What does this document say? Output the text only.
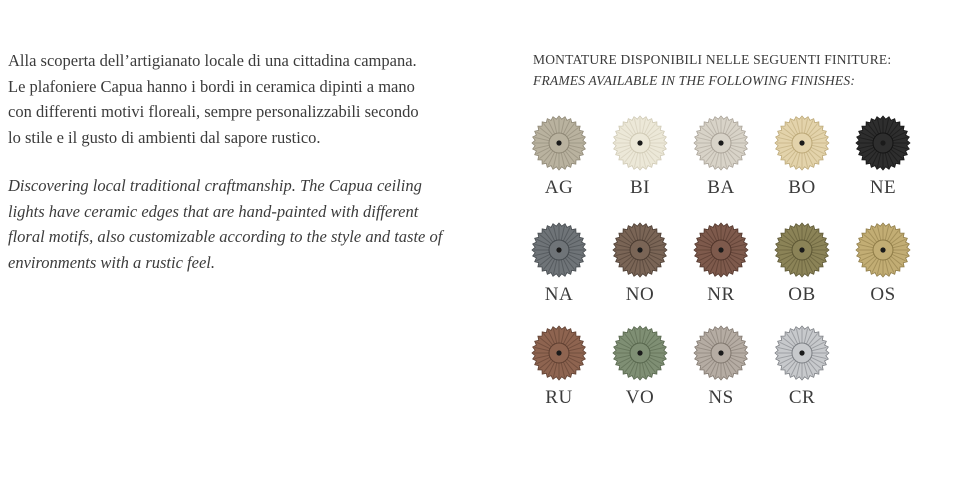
Alla scoperta dell’artigianato locale di una cittadina campana.
Le plafoniere Capua hanno i bordi in ceramica dipinti a mano
con differenti motivi floreali, sempre personalizzabili secondo
lo stile e il gusto di ambienti dal sapore rustico.

Discovering local traditional craftmanship. The Capua ceiling
lights have ceramic edges that are hand-painted with different
floral motifs, also customizable according to the style and taste of
environments with a rustic feel.

MONTATURE DISPONIBILI NELLE SEGUENTI FINITURE:

FRAMES AVAILABLE IN THE FOLLOWING FINISHES:

AG	BI	BA	BO	NE
NA	NO	NR	OB	OS
RU	VO	NS	CR
